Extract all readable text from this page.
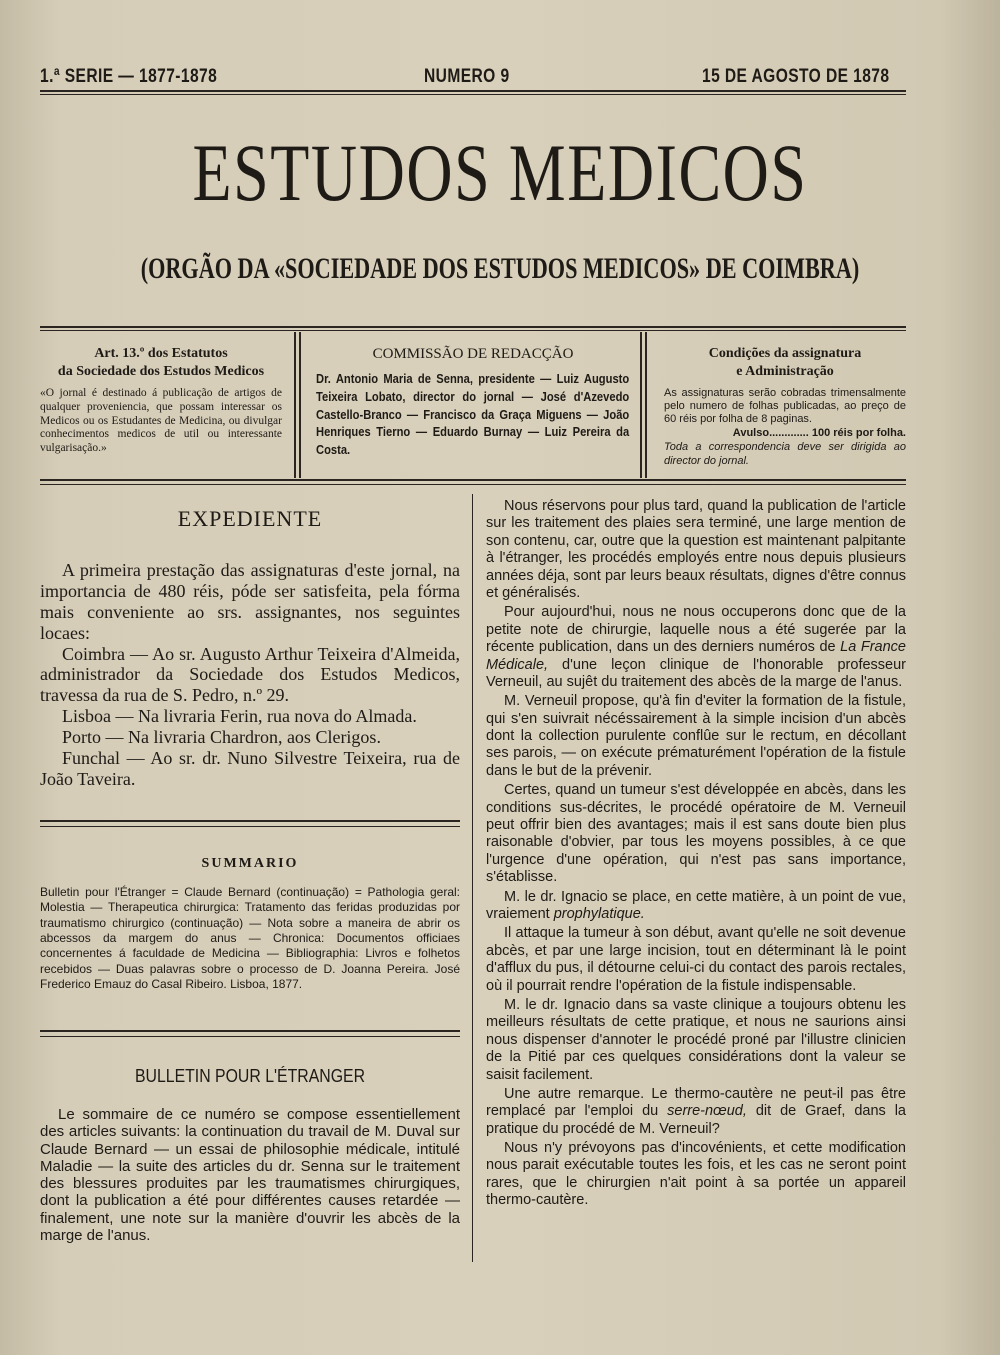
1.ª SERIE — 1877-1878	NUMERO 9	15 DE AGOSTO DE 1878
ESTUDOS MEDICOS
(ORGÃO DA «SOCIEDADE DOS ESTUDOS MEDICOS» DE COIMBRA)
Art. 13.º dos Estatutos
da Sociedade dos Estudos Medicos
«O jornal é destinado á publicação de artigos de qualquer proveniencia, que possam interessar os Medicos ou os Estudantes de Medicina, ou divulgar conhecimentos medicos de util ou interessante vulgarisação.»
COMMISSÃO DE REDACÇÃO
Dr. Antonio Maria de Senna, presidente — Luiz Augusto Teixeira Lobato, director do jornal — José d'Azevedo Castello-Branco — Francisco da Graça Miguens — João Henriques Tierno — Eduardo Burnay — Luiz Pereira da Costa.
Condições da assignatura
e Administração
As assignaturas serão cobradas trimensalmente pelo numero de folhas publicadas, ao preço de 60 réis por folha de 8 paginas.
Avulso............. 100 réis por folha.
Toda a correspondencia deve ser dirigida ao director do jornal.
EXPEDIENTE

A primeira prestação das assignaturas d'este jornal, na importancia de 480 réis, póde ser satisfeita, pela fórma mais conveniente ao srs. assignantes, nos seguintes locaes:

Coimbra — Ao sr. Augusto Arthur Teixeira d'Almeida, administrador da Sociedade dos Estudos Medicos, travessa da rua de S. Pedro, n.º 29.

Lisboa — Na livraria Ferin, rua nova do Almada.

Porto — Na livraria Chardron, aos Clerigos.

Funchal — Ao sr. dr. Nuno Silvestre Teixeira, rua de João Taveira.

SUMMARIO
Bulletin pour l'Étranger = Claude Bernard (continuação) = Pathologia geral: Molestia — Therapeutica chirurgica: Tratamento das feridas produzidas por traumatismo chirurgico (continuação) — Nota sobre a maneira de abrir os abcessos da margem do anus — Chronica: Documentos officiaes concernentes á faculdade de Medicina — Bibliographia: Livros e folhetos recebidos — Duas palavras sobre o processo de D. Joanna Pereira. José Frederico Emauz do Casal Ribeiro. Lisboa, 1877.
BULLETIN POUR L'ÉTRANGER

Le sommaire de ce numéro se compose essentiellement des articles suivants: la continuation du travail de M. Duval sur Claude Bernard — un essai de philosophie médicale, intitulé Maladie — la suite des articles du dr. Senna sur le traitement des blessures produites par les traumatismes chirurgiques, dont la publication a été pour différentes causes retardée — finalement, une note sur la manière d'ouvrir les abcès de la marge de l'anus.

Nous réservons pour plus tard, quand la publication de l'article sur les traitement des plaies sera terminé, une large mention de son contenu, car, outre que la question est maintenant palpitante à l'étranger, les procédés employés entre nous depuis plusieurs années déja, sont par leurs beaux résultats, dignes d'être connus et généralisés.

Pour aujourd'hui, nous ne nous occuperons donc que de la petite note de chirurgie, laquelle nous a été sugerée par la récente publication, dans un des derniers numéros de La France Médicale, d'une leçon clinique de l'honorable professeur Verneuil, au sujêt du traitement des abcès de la marge de l'anus.

M. Verneuil propose, qu'à fin d'eviter la formation de la fistule, qui s'en suivrait nécéssairement à la simple incision d'un abcès dont la collection purulente conflûe sur le rectum, en décollant ses parois, — on exécute prématurément l'opération de la fistule dans le but de la prévenir.

Certes, quand un tumeur s'est développée en abcès, dans les conditions sus-décrites, le procédé opératoire de M. Verneuil peut offrir bien des avantages; mais il est sans doute bien plus raisonable d'obvier, par tous les moyens possibles, à ce que l'urgence d'une opération, qui n'est pas sans importance, s'établisse.

M. le dr. Ignacio se place, en cette matière, à un point de vue, vraiement prophylatique.

Il attaque la tumeur à son début, avant qu'elle ne soit devenue abcès, et par une large incision, tout en déterminant là le point d'afflux du pus, il détourne celui-ci du contact des parois rectales, où il pourrait rendre l'opération de la fistule indispensable.

M. le dr. Ignacio dans sa vaste clinique a toujours obtenu les meilleurs résultats de cette pratique, et nous ne saurions ainsi nous dispenser d'annoter le procédé proné par l'illustre clinicien de la Pitié par ces quelques considérations dont la valeur se saisit facilement.

Une autre remarque. Le thermo-cautère ne peut-il pas être remplacé par l'emploi du serre-nœud, dit de Graef, dans la pratique du procédé de M. Verneuil?

Nous n'y prévoyons pas d'incovénients, et cette modification nous parait exécutable toutes les fois, et les cas ne seront point rares, que le chirurgien n'ait point à sa portée un appareil thermo-cautère.
